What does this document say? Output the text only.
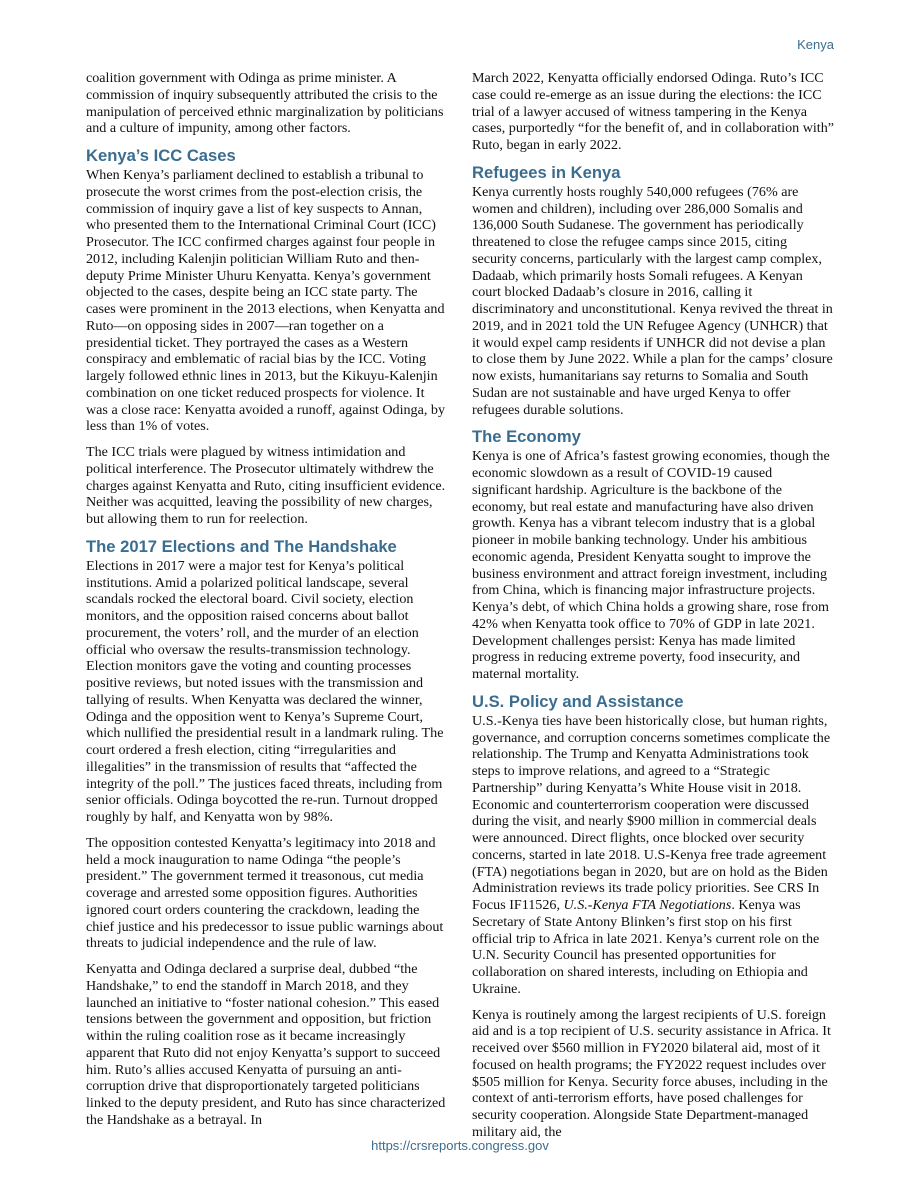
Kenya

coalition government with Odinga as prime minister. A commission of inquiry subsequently attributed the crisis to the manipulation of perceived ethnic marginalization by politicians and a culture of impunity, among other factors.

Kenya’s ICC Cases

When Kenya’s parliament declined to establish a tribunal to prosecute the worst crimes from the post-election crisis, the commission of inquiry gave a list of key suspects to Annan, who presented them to the International Criminal Court (ICC) Prosecutor. The ICC confirmed charges against four people in 2012, including Kalenjin politician William Ruto and then-deputy Prime Minister Uhuru Kenyatta. Kenya’s government objected to the cases, despite being an ICC state party. The cases were prominent in the 2013 elections, when Kenyatta and Ruto—on opposing sides in 2007—ran together on a presidential ticket. They portrayed the cases as a Western conspiracy and emblematic of racial bias by the ICC. Voting largely followed ethnic lines in 2013, but the Kikuyu-Kalenjin combination on one ticket reduced prospects for violence. It was a close race: Kenyatta avoided a runoff, against Odinga, by less than 1% of votes.

The ICC trials were plagued by witness intimidation and political interference. The Prosecutor ultimately withdrew the charges against Kenyatta and Ruto, citing insufficient evidence. Neither was acquitted, leaving the possibility of new charges, but allowing them to run for reelection.

The 2017 Elections and The Handshake

Elections in 2017 were a major test for Kenya’s political institutions. Amid a polarized political landscape, several scandals rocked the electoral board. Civil society, election monitors, and the opposition raised concerns about ballot procurement, the voters’ roll, and the murder of an election official who oversaw the results-transmission technology. Election monitors gave the voting and counting processes positive reviews, but noted issues with the transmission and tallying of results. When Kenyatta was declared the winner, Odinga and the opposition went to Kenya’s Supreme Court, which nullified the presidential result in a landmark ruling. The court ordered a fresh election, citing “irregularities and illegalities” in the transmission of results that “affected the integrity of the poll.” The justices faced threats, including from senior officials. Odinga boycotted the re-run. Turnout dropped roughly by half, and Kenyatta won by 98%.

The opposition contested Kenyatta’s legitimacy into 2018 and held a mock inauguration to name Odinga “the people’s president.” The government termed it treasonous, cut media coverage and arrested some opposition figures. Authorities ignored court orders countering the crackdown, leading the chief justice and his predecessor to issue public warnings about threats to judicial independence and the rule of law.

Kenyatta and Odinga declared a surprise deal, dubbed “the Handshake,” to end the standoff in March 2018, and they launched an initiative to “foster national cohesion.” This eased tensions between the government and opposition, but friction within the ruling coalition rose as it became increasingly apparent that Ruto did not enjoy Kenyatta’s support to succeed him. Ruto’s allies accused Kenyatta of pursuing an anti-corruption drive that disproportionately targeted politicians linked to the deputy president, and Ruto has since characterized the Handshake as a betrayal. In

March 2022, Kenyatta officially endorsed Odinga. Ruto’s ICC case could re-emerge as an issue during the elections: the ICC trial of a lawyer accused of witness tampering in the Kenya cases, purportedly “for the benefit of, and in collaboration with” Ruto, began in early 2022.

Refugees in Kenya

Kenya currently hosts roughly 540,000 refugees (76% are women and children), including over 286,000 Somalis and 136,000 South Sudanese. The government has periodically threatened to close the refugee camps since 2015, citing security concerns, particularly with the largest camp complex, Dadaab, which primarily hosts Somali refugees. A Kenyan court blocked Dadaab’s closure in 2016, calling it discriminatory and unconstitutional. Kenya revived the threat in 2019, and in 2021 told the UN Refugee Agency (UNHCR) that it would expel camp residents if UNHCR did not devise a plan to close them by June 2022. While a plan for the camps’ closure now exists, humanitarians say returns to Somalia and South Sudan are not sustainable and have urged Kenya to offer refugees durable solutions.

The Economy

Kenya is one of Africa’s fastest growing economies, though the economic slowdown as a result of COVID-19 caused significant hardship. Agriculture is the backbone of the economy, but real estate and manufacturing have also driven growth. Kenya has a vibrant telecom industry that is a global pioneer in mobile banking technology. Under his ambitious economic agenda, President Kenyatta sought to improve the business environment and attract foreign investment, including from China, which is financing major infrastructure projects. Kenya’s debt, of which China holds a growing share, rose from 42% when Kenyatta took office to 70% of GDP in late 2021. Development challenges persist: Kenya has made limited progress in reducing extreme poverty, food insecurity, and maternal mortality.

U.S. Policy and Assistance

U.S.-Kenya ties have been historically close, but human rights, governance, and corruption concerns sometimes complicate the relationship. The Trump and Kenyatta Administrations took steps to improve relations, and agreed to a “Strategic Partnership” during Kenyatta’s White House visit in 2018. Economic and counterterrorism cooperation were discussed during the visit, and nearly $900 million in commercial deals were announced. Direct flights, once blocked over security concerns, started in late 2018. U.S-Kenya free trade agreement (FTA) negotiations began in 2020, but are on hold as the Biden Administration reviews its trade policy priorities. See CRS In Focus IF11526, U.S.-Kenya FTA Negotiations. Kenya was Secretary of State Antony Blinken’s first stop on his first official trip to Africa in late 2021. Kenya’s current role on the U.N. Security Council has presented opportunities for collaboration on shared interests, including on Ethiopia and Ukraine.

Kenya is routinely among the largest recipients of U.S. foreign aid and is a top recipient of U.S. security assistance in Africa. It received over $560 million in FY2020 bilateral aid, most of it focused on health programs; the FY2022 request includes over $505 million for Kenya. Security force abuses, including in the context of anti-terrorism efforts, have posed challenges for security cooperation. Alongside State Department-managed military aid, the

https://crsreports.congress.gov
